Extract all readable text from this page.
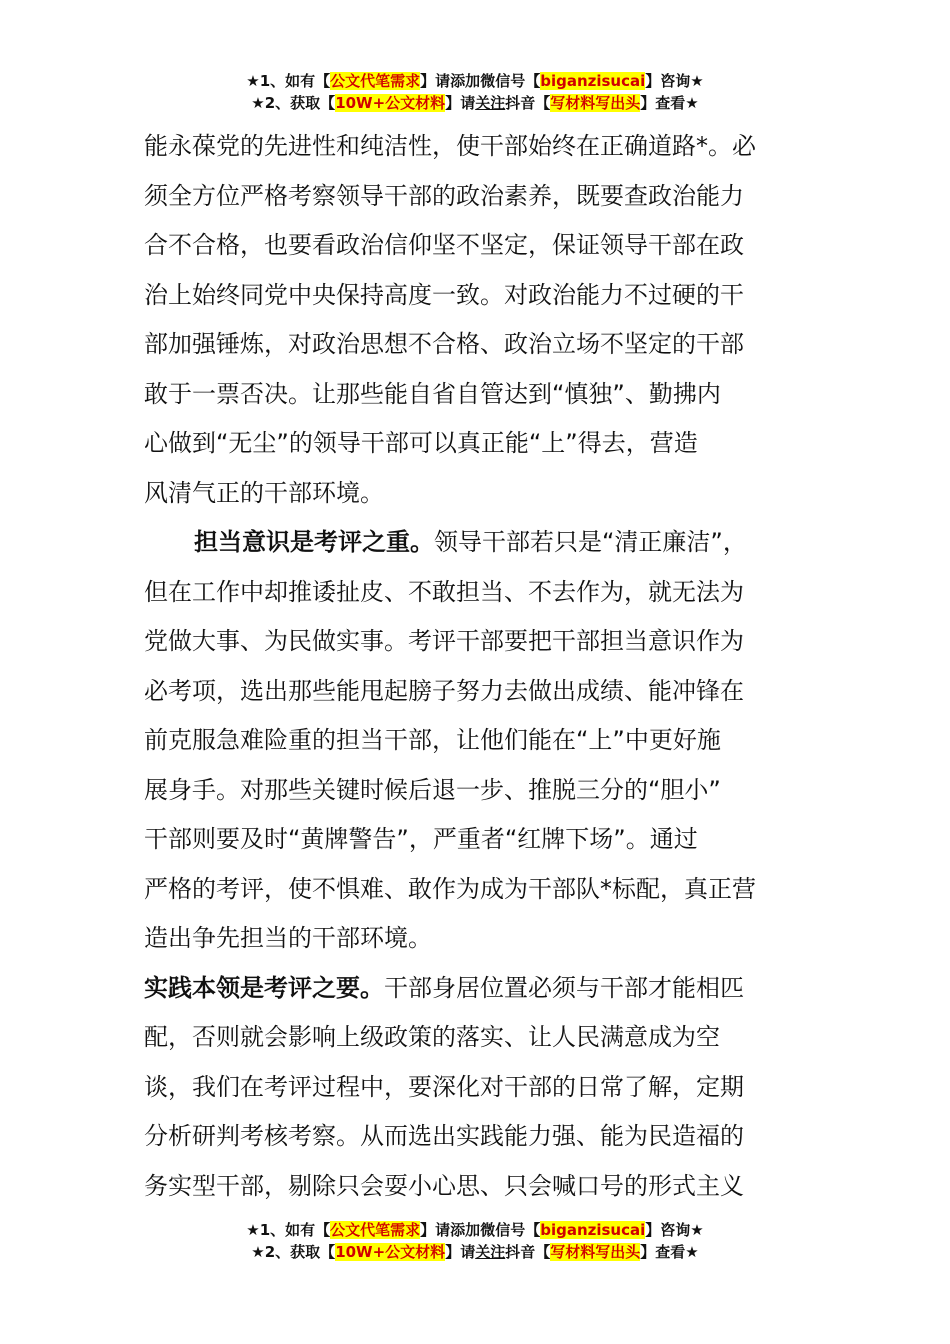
★1、如有【公文代笔需求】请添加微信号【biganzisucai】咨询★
★2、获取【10W+公文材料】请关注抖音【写材料写出头】查看★
能永葆党的先进性和纯洁性，使干部始终在正确道路*。必
须全方位严格考察领导干部的政治素养，既要查政治能力
合不合格，也要看政治信仰坚不坚定，保证领导干部在政
治上始终同党中央保持高度一致。对政治能力不过硬的干
部加强锤炼，对政治思想不合格、政治立场不坚定的干部
敢于一票否决。让那些能自省自管达到“慎独”、勤拂内
心做到“无尘”的领导干部可以真正能“上”得去，营造
风清气正的干部环境。
担当意识是考评之重。领导干部若只是“清正廉洁”，
但在工作中却推诿扯皮、不敢担当、不去作为，就无法为
党做大事、为民做实事。考评干部要把干部担当意识作为
必考项，选出那些能甩起膀子努力去做出成绩、能冲锋在
前克服急难险重的担当干部，让他们能在“上”中更好施
展身手。对那些关键时候后退一步、推脱三分的“胆小”
干部则要及时“黄牌警告”，严重者“红牌下场”。通过
严格的考评，使不惧难、敢作为成为干部队*标配，真正营
造出争先担当的干部环境。
实践本领是考评之要。干部身居位置必须与干部才能相匹
配，否则就会影响上级政策的落实、让人民满意成为空
谈，我们在考评过程中，要深化对干部的日常了解，定期
分析研判考核考察。从而选出实践能力强、能为民造福的
务实型干部，剔除只会耍小心思、只会喊口号的形式主义
★1、如有【公文代笔需求】请添加微信号【biganzisucai】咨询★
★2、获取【10W+公文材料】请关注抖音【写材料写出头】查看★
